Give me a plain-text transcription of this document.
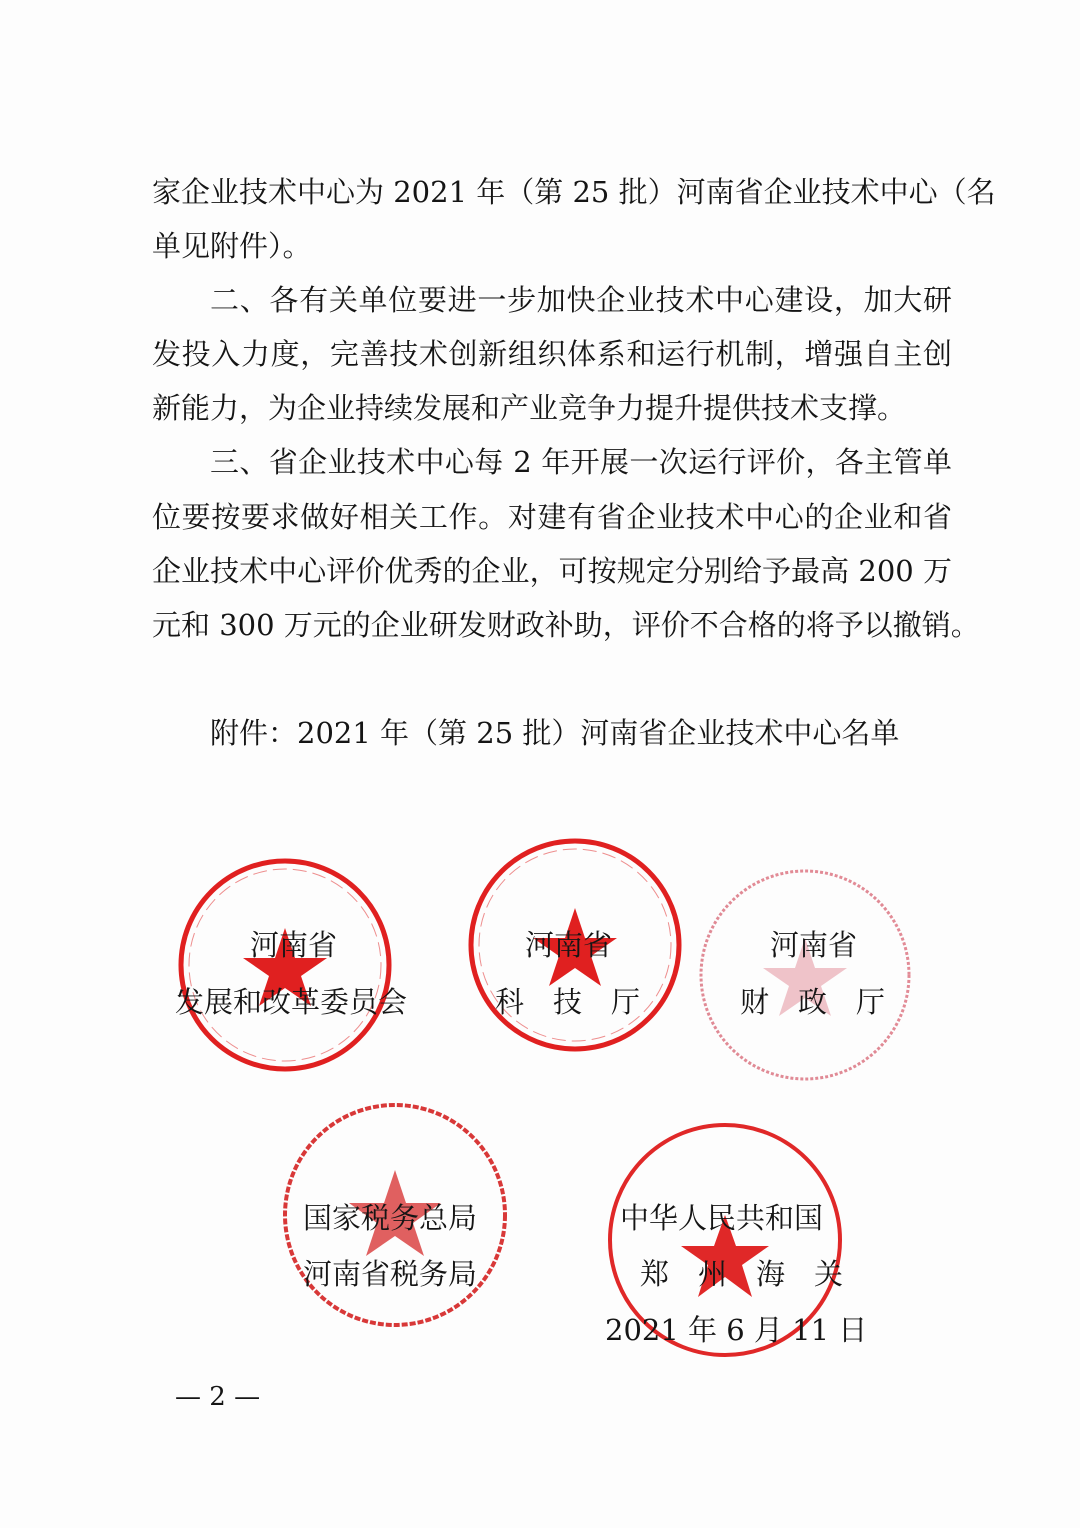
家企业技术中心为 2021 年（第 25 批）河南省企业技术中心（名
单见附件）。
二、各有关单位要进一步加快企业技术中心建设，加大研
发投入力度，完善技术创新组织体系和运行机制，增强自主创
新能力，为企业持续发展和产业竞争力提升提供技术支撑。
三、省企业技术中心每 2 年开展一次运行评价，各主管单
位要按要求做好相关工作。对建有省企业技术中心的企业和省
企业技术中心评价优秀的企业，可按规定分别给予最高 200 万
元和 300 万元的企业研发财政补助，评价不合格的将予以撤销。
附件：2021 年（第 25 批）河南省企业技术中心名单
河南省
发展和改革委员会
河南省
科　技　厅
河南省
财　政　厅
国家税务总局
河南省税务局
中华人民共和国
郑　州　海　关
2021 年 6 月 11 日
— 2 —
